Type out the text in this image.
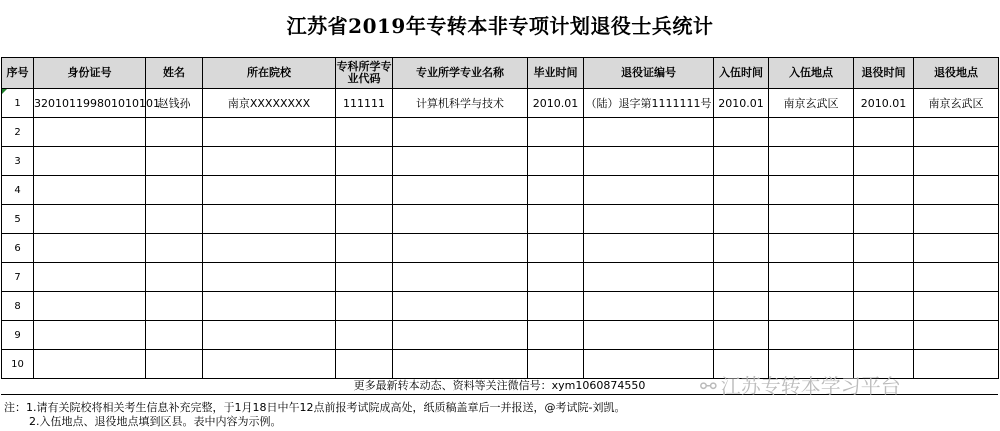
江苏省2019年专转本非专项计划退役士兵统计
序号	身份证号	姓名	所在院校	专科所学专业代码	专业所学专业名称	毕业时间	退役证编号	入伍时间	入伍地点	退役时间	退役地点

1	320101199801010101	赵钱孙	南京XXXXXXXX	111111	计算机科学与技术	2010.01	（陆）退字第1111111号	2010.01	南京玄武区	2010.01	南京玄武区
2											
3											
4											
5											
6											
7											
8											
9											
10											
更多最新转本动态、资料等关注微信号：xym1060874550
注：1.请有关院校将相关考生信息补充完整，于1月18日中午12点前报考试院成高处，纸质稿盖章后一并报送，@考试院-刘凯。
2.入伍地点、退役地点填到区县。表中内容为示例。
⚯ 江苏专转本学习平台
